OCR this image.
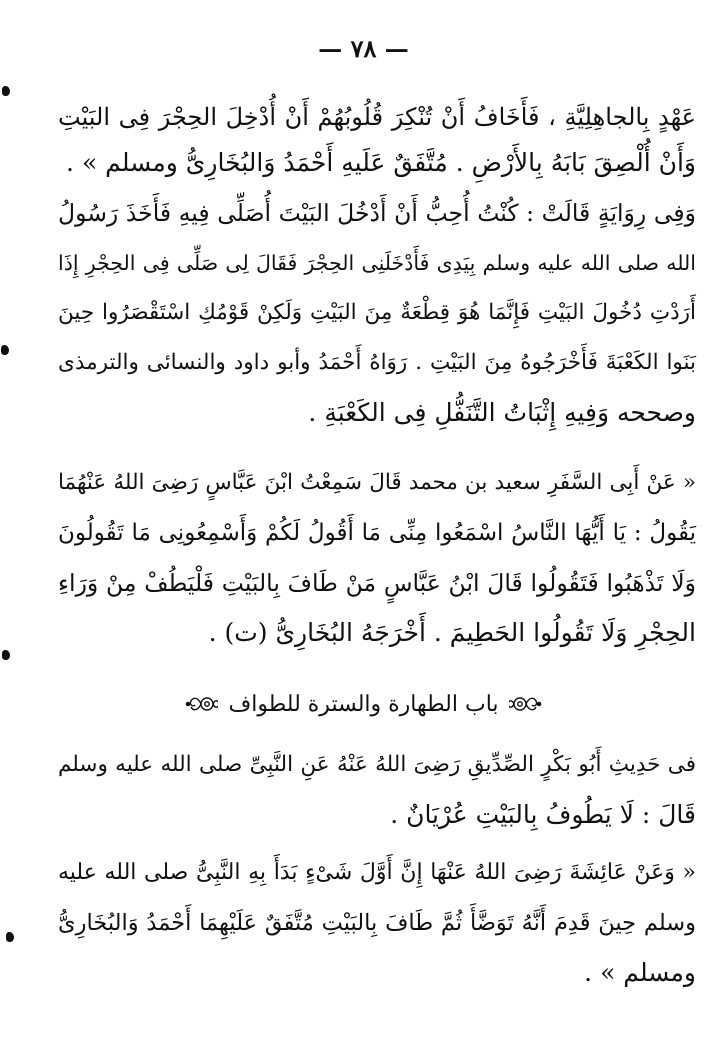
— ٧٨ —
عَهْدٍ بِالجاهِلِيَّةِ ، فَأَخَافُ أَنْ تُنْكِرَ قُلُوبُهُمْ أَنْ أُدْخِلَ الحِجْرَ فِى البَيْتِ
وَأَنْ أُلْصِقَ بَابَهُ بِالأَرْضِ . مُتَّفَقٌ عَلَيهِ أَحْمَدُ وَالبُخَارِىُّ ومسلم » .
وَفِى رِوَايَةٍ قَالَتْ : كُنْتُ أُحِبُّ أَنْ أَدْخُلَ البَيْتَ أُصَلِّى فِيهِ فَأَخَذَ رَسُولُ
الله صلى الله عليه وسلم بِيَدِى فَأَدْخَلَنِى الحِجْرَ فَقَالَ لِى صَلِّى فِى الحِجْرِ إِذَا
أَرَدْتِ دُخُولَ البَيْتِ فَإِنَّمَا هُوَ قِطْعَةٌ مِنَ البَيْتِ وَلَكِنْ قَوْمُكِ اسْتَقْصَرُوا حِينَ
بَنَوا الكَعْبَةَ فَأَخْرَجُوهُ مِنَ البَيْتِ . رَوَاهُ أَحْمَدُ وأبو داود والنسائى والترمذى
وصححه وَفِيهِ إِثْبَاتُ التَّنَفُّلِ فِى الكَعْبَةِ .
« عَنْ أَبِى السَّفَرِ سعيد بن محمد قَالَ سَمِعْتُ ابْنَ عَبَّاسٍ رَضِىَ اللهُ عَنْهُمَا
يَقُولُ : يَا أَيُّهَا النَّاسُ اسْمَعُوا مِنِّى مَا أَقُولُ لَكُمْ وَأَسْمِعُونِى مَا تَقُولُونَ
وَلَا تَذْهَبُوا فَتَقُولُوا قَالَ ابْنُ عَبَّاسٍ مَنْ طَافَ بِالبَيْتِ فَلْيَطُفْ مِنْ وَرَاءِ
الحِجْرِ وَلَا تَقُولُوا الحَطِيمَ . أَخْرَجَهُ البُخَارِىُّ (ت) .
فى حَدِيثِ أَبُو بَكْرٍ الصِّدِّيقِ رَضِىَ اللهُ عَنْهُ عَنِ النَّبِىِّ صلى الله عليه وسلم
قَالَ : لَا يَطُوفُ بِالبَيْتِ عُرْيَانٌ .
« وَعَنْ عَائِشَةَ رَضِىَ اللهُ عَنْهَا إِنَّ أَوَّلَ شَىْءٍ بَدَأَ بِهِ النَّبِىُّ صلى الله عليه
وسلم حِينَ قَدِمَ أَنَّهُ تَوَضَّأَ ثُمَّ طَافَ بِالبَيْتِ مُتَّفَقٌ عَلَيْهِمَا أَحْمَدُ وَالبُخَارِىُّ
ومسلم » .
باب الطهارة والسترة للطواف
